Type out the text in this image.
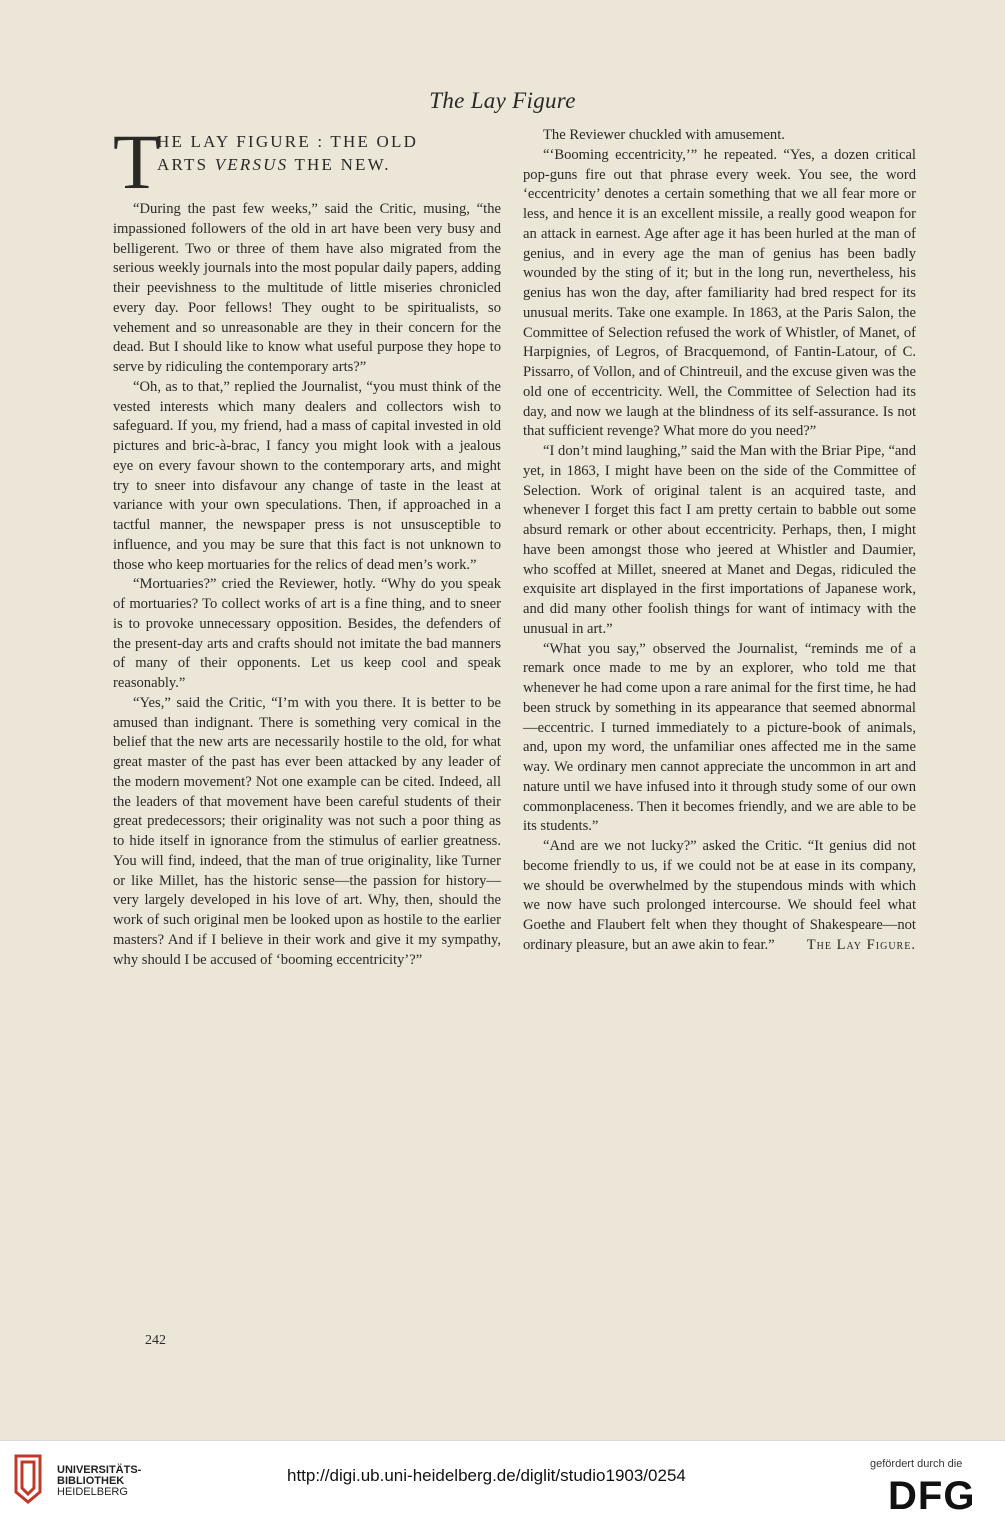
The Lay Figure
T
HE LAY FIGURE : THE OLD
ARTS VERSUS THE NEW.

“During the past few weeks,” said the Critic, musing, “the impassioned followers of the old in art have been very busy and belligerent. Two or three of them have also migrated from the serious weekly journals into the most popular daily papers, adding their peevishness to the multitude of little miseries chronicled every day. Poor fellows! They ought to be spiritualists, so vehement and so unreasonable are they in their concern for the dead. But I should like to know what useful purpose they hope to serve by ridiculing the contemporary arts?”

“Oh, as to that,” replied the Journalist, “you must think of the vested interests which many dealers and collectors wish to safeguard. If you, my friend, had a mass of capital invested in old pictures and bric-à-brac, I fancy you might look with a jealous eye on every favour shown to the contemporary arts, and might try to sneer into disfavour any change of taste in the least at variance with your own speculations. Then, if approached in a tactful manner, the newspaper press is not unsusceptible to influence, and you may be sure that this fact is not unknown to those who keep mortuaries for the relics of dead men’s work.”

“Mortuaries?” cried the Reviewer, hotly. “Why do you speak of mortuaries? To collect works of art is a fine thing, and to sneer is to provoke unnecessary opposition. Besides, the defenders of the present-day arts and crafts should not imitate the bad manners of many of their opponents. Let us keep cool and speak reasonably.”

“Yes,” said the Critic, “I’m with you there. It is better to be amused than indignant. There is something very comical in the belief that the new arts are necessarily hostile to the old, for what great master of the past has ever been attacked by any leader of the modern movement? Not one example can be cited. Indeed, all the leaders of that movement have been careful students of their great predecessors; their originality was not such a poor thing as to hide itself in ignorance from the stimulus of earlier greatness. You will find, indeed, that the man of true originality, like Turner or like Millet, has the historic sense—the passion for history—very largely developed in his love of art. Why, then, should the work of such original men be looked upon as hostile to the earlier masters? And if I believe in their work and give it my sympathy, why should I be accused of ‘booming eccentricity’?”

The Reviewer chuckled with amusement.

“‘Booming eccentricity,’” he repeated. “Yes, a dozen critical pop-guns fire out that phrase every week. You see, the word ‘eccentricity’ denotes a certain something that we all fear more or less, and hence it is an excellent missile, a really good weapon for an attack in earnest. Age after age it has been hurled at the man of genius, and in every age the man of genius has been badly wounded by the sting of it; but in the long run, nevertheless, his genius has won the day, after familiarity had bred respect for its unusual merits. Take one example. In 1863, at the Paris Salon, the Committee of Selection refused the work of Whistler, of Manet, of Harpignies, of Legros, of Bracquemond, of Fantin-Latour, of C. Pissarro, of Vollon, and of Chintreuil, and the excuse given was the old one of eccentricity. Well, the Committee of Selection had its day, and now we laugh at the blindness of its self-assurance. Is not that sufficient revenge? What more do you need?”

“I don’t mind laughing,” said the Man with the Briar Pipe, “and yet, in 1863, I might have been on the side of the Committee of Selection. Work of original talent is an acquired taste, and whenever I forget this fact I am pretty certain to babble out some absurd remark or other about eccentricity. Perhaps, then, I might have been amongst those who jeered at Whistler and Daumier, who scoffed at Millet, sneered at Manet and Degas, ridiculed the exquisite art displayed in the first importations of Japanese work, and did many other foolish things for want of intimacy with the unusual in art.”

“What you say,” observed the Journalist, “reminds me of a remark once made to me by an explorer, who told me that whenever he had come upon a rare animal for the first time, he had been struck by something in its appearance that seemed abnormal—eccentric. I turned immediately to a picture-book of animals, and, upon my word, the unfamiliar ones affected me in the same way. We ordinary men cannot appreciate the uncommon in art and nature until we have infused into it through study some of our own commonplaceness. Then it becomes friendly, and we are able to be its students.”

“And are we not lucky?” asked the Critic. “It genius did not become friendly to us, if we could not be at ease in its company, we should be overwhelmed by the stupendous minds with which we now have such prolonged intercourse. We should feel what Goethe and Flaubert felt when they thought of Shakespeare—not ordinary pleasure, but an awe akin to fear.”	The Lay Figure.

242
UNIVERSITÄTS-
BIBLIOTHEK
HEIDELBERG
http://digi.ub.uni-heidelberg.de/diglit/studio1903/0254
gefördert durch die
DFG
